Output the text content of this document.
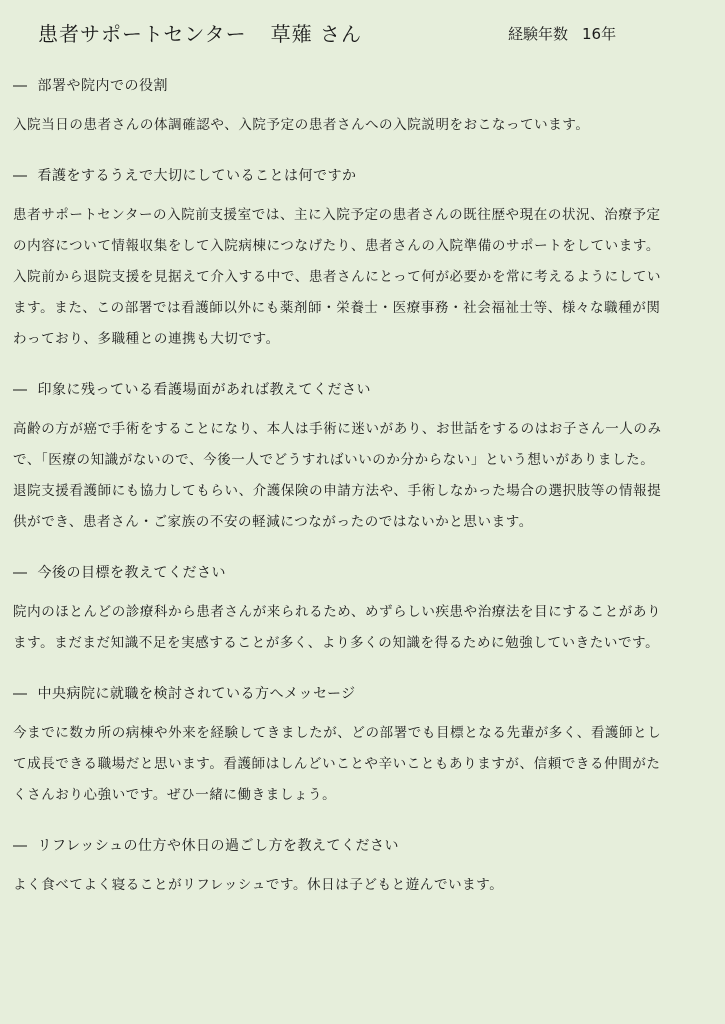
患者サポートセンター 草薙 さん	経験年数 16年
― 部署や院内での役割

入院当日の患者さんの体調確認や、入院予定の患者さんへの入院説明をおこなっています。

― 看護をするうえで大切にしていることは何ですか

患者サポートセンターの入院前支援室では、主に入院予定の患者さんの既往歴や現在の状況、治療予定

の内容について情報収集をして入院病棟につなげたり、患者さんの入院準備のサポートをしています。

入院前から退院支援を見据えて介入する中で、患者さんにとって何が必要かを常に考えるようにしてい

ます。また、この部署では看護師以外にも薬剤師・栄養士・医療事務・社会福祉士等、様々な職種が関

わっており、多職種との連携も大切です。

― 印象に残っている看護場面があれば教えてください

高齢の方が癌で手術をすることになり、本人は手術に迷いがあり、お世話をするのはお子さん一人のみ

で、「医療の知識がないので、今後一人でどうすればいいのか分からない」という想いがありました。

退院支援看護師にも協力してもらい、介護保険の申請方法や、手術しなかった場合の選択肢等の情報提

供ができ、患者さん・ご家族の不安の軽減につながったのではないかと思います。

― 今後の目標を教えてください

院内のほとんどの診療科から患者さんが来られるため、めずらしい疾患や治療法を目にすることがあり

ます。まだまだ知識不足を実感することが多く、より多くの知識を得るために勉強していきたいです。

― 中央病院に就職を検討されている方へメッセージ

今までに数カ所の病棟や外来を経験してきましたが、どの部署でも目標となる先輩が多く、看護師とし

て成長できる職場だと思います。看護師はしんどいことや辛いこともありますが、信頼できる仲間がた

くさんおり心強いです。ぜひ一緒に働きましょう。

― リフレッシュの仕方や休日の過ごし方を教えてください

よく食べてよく寝ることがリフレッシュです。休日は子どもと遊んでいます。
